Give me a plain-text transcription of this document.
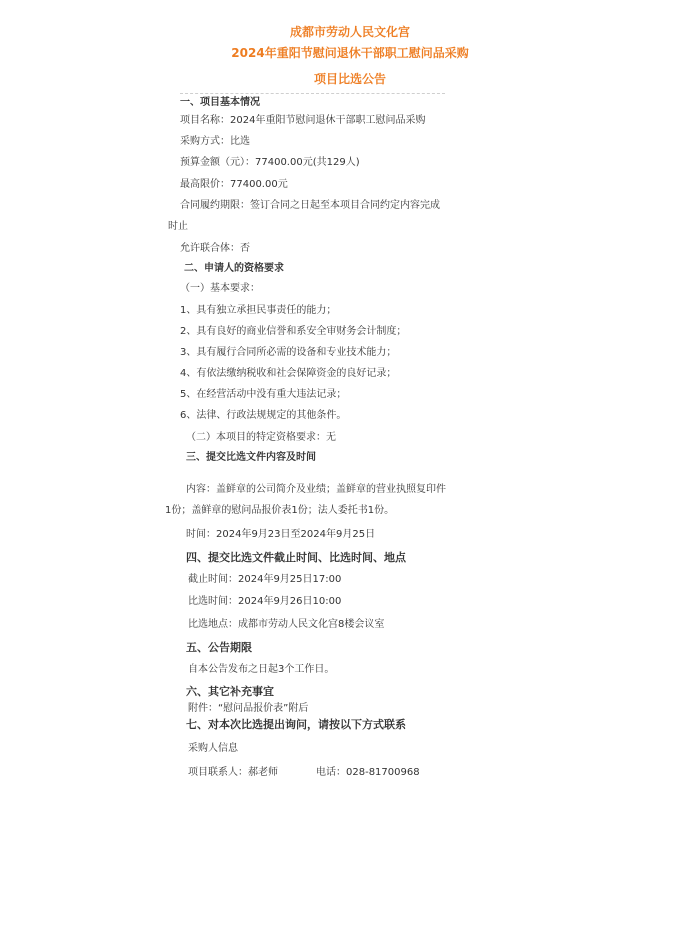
成都市劳动人民文化宫
2024年重阳节慰问退休干部职工慰问品采购
项目比选公告
一、项目基本情况
项目名称：2024年重阳节慰问退休干部职工慰问品采购
采购方式：比选
预算金额（元）：77400.00元(共129人)
最高限价：77400.00元
合同履约期限：签订合同之日起至本项目合同约定内容完成
时止
允许联合体：否
二、申请人的资格要求
（一）基本要求：
1、具有独立承担民事责任的能力；
2、具有良好的商业信誉和系安全审财务会计制度；
3、具有履行合同所必需的设备和专业技术能力；
4、有依法缴纳税收和社会保障资金的良好记录；
5、在经营活动中没有重大违法记录；
6、法律、行政法规规定的其他条件。
（二）本项目的特定资格要求：无
三、提交比选文件内容及时间
内容：盖鲜章的公司简介及业绩；盖鲜章的营业执照复印件
1份；盖鲜章的慰问品报价表1份；法人委托书1份。
时间：2024年9月23日至2024年9月25日
四、提交比选文件截止时间、比选时间、地点
截止时间：2024年9月25日17:00
比选时间：2024年9月26日10:00
比选地点：成都市劳动人民文化宫8楼会议室
五、公告期限
自本公告发布之日起3个工作日。
六、其它补充事宜
附件：“慰问品报价表”附后
七、对本次比选提出询问，请按以下方式联系
采购人信息
项目联系人：郝老师	电话：028-81700968
